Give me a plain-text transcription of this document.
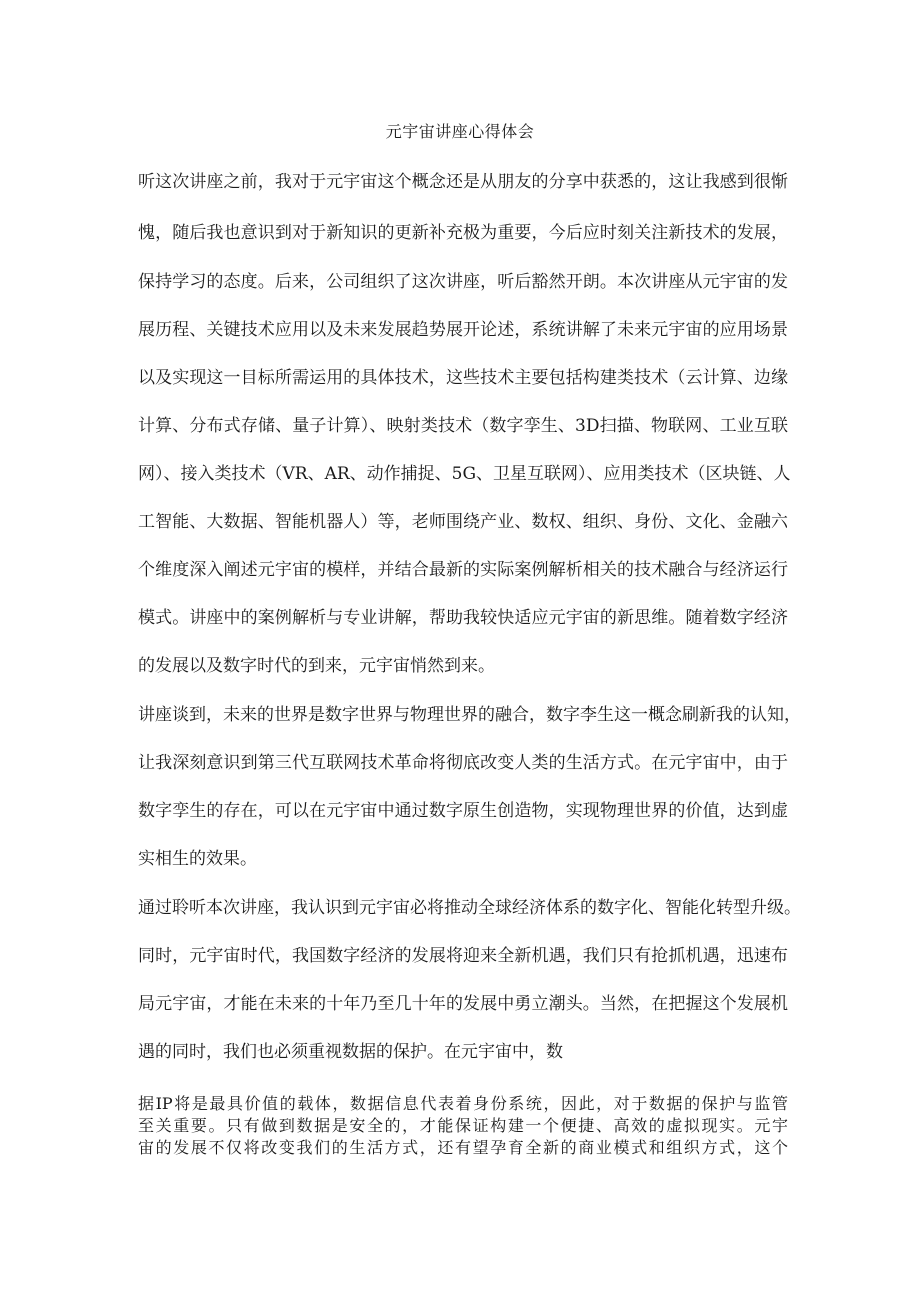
元宇宙讲座心得体会
听这次讲座之前，我对于元宇宙这个概念还是从朋友的分享中获悉的，这让我感到很惭
愧，随后我也意识到对于新知识的更新补充极为重要，今后应时刻关注新技术的发展，
保持学习的态度。后来，公司组织了这次讲座，听后豁然开朗。本次讲座从元宇宙的发
展历程、关键技术应用以及未来发展趋势展开论述，系统讲解了未来元宇宙的应用场景
以及实现这一目标所需运用的具体技术，这些技术主要包括构建类技术（云计算、边缘
计算、分布式存储、量子计算）、映射类技术（数字孪生、3D扫描、物联网、工业互联
网）、接入类技术（VR、AR、动作捕捉、5G、卫星互联网）、应用类技术（区块链、人
工智能、大数据、智能机器人）等，老师围绕产业、数权、组织、身份、文化、金融六
个维度深入阐述元宇宙的模样，并结合最新的实际案例解析相关的技术融合与经济运行
模式。讲座中的案例解析与专业讲解，帮助我较快适应元宇宙的新思维。随着数字经济
的发展以及数字时代的到来，元宇宙悄然到来。
讲座谈到，未来的世界是数字世界与物理世界的融合，数字李生这一概念刷新我的认知，
让我深刻意识到第三代互联网技术革命将彻底改变人类的生活方式。在元宇宙中，由于
数字孪生的存在，可以在元宇宙中通过数字原生创造物，实现物理世界的价值，达到虚
实相生的效果。
通过聆听本次讲座，我认识到元宇宙必将推动全球经济体系的数字化、智能化转型升级。
同时，元宇宙时代，我国数字经济的发展将迎来全新机遇，我们只有抢抓机遇，迅速布
局元宇宙，才能在未来的十年乃至几十年的发展中勇立潮头。当然，在把握这个发展机
遇的同时，我们也必须重视数据的保护。在元宇宙中，数
据IP将是最具价值的载体，数据信息代表着身份系统，因此，对于数据的保护与监管
至关重要。只有做到数据是安全的，才能保证构建一个便捷、高效的虚拟现实。元宇
宙的发展不仅将改变我们的生活方式，还有望孕育全新的商业模式和组织方式，这个
